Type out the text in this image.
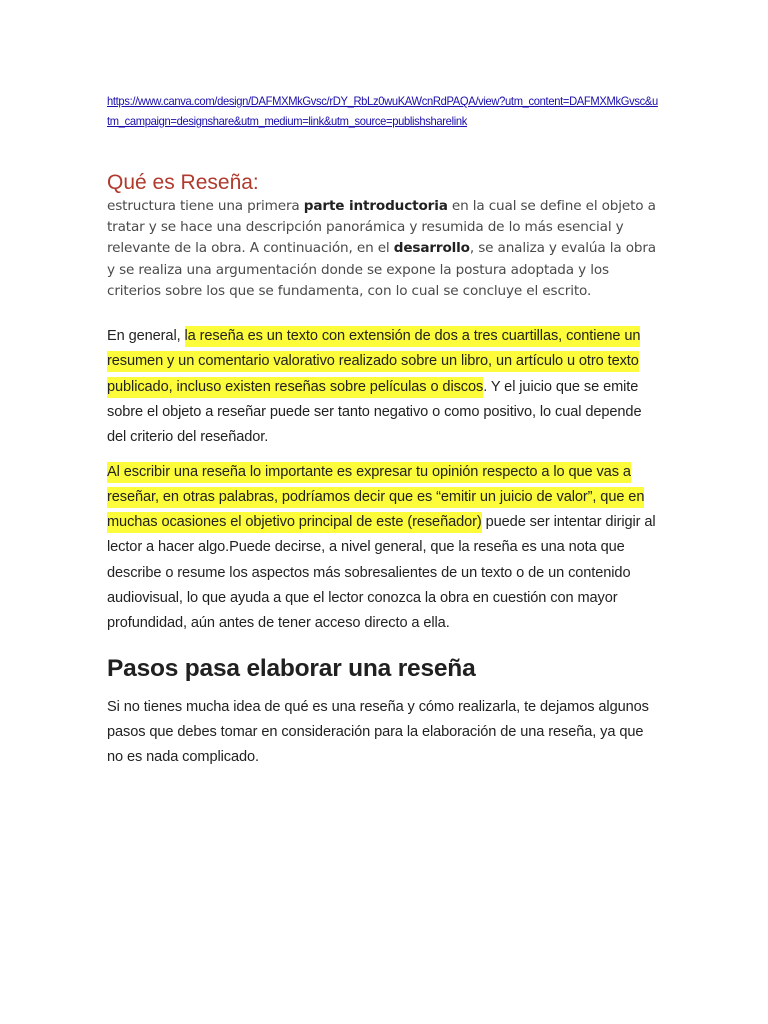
https://www.canva.com/design/DAFMXMkGvsc/rDY_RbLz0wuKAWcnRdPAQA/view?utm_content=DAFMXMkGvsc&utm_campaign=designshare&utm_medium=link&utm_source=publishsharelink
Qué es Reseña:

estructura tiene una primera parte introductoria en la cual se define el objeto a tratar y se hace una descripción panorámica y resumida de lo más esencial y relevante de la obra. A continuación, en el desarrollo, se analiza y evalúa la obra y se realiza una argumentación donde se expone la postura adoptada y los criterios sobre los que se fundamenta, con lo cual se concluye el escrito.

En general, la reseña es un texto con extensión de dos a tres cuartillas, contiene un resumen y un comentario valorativo realizado sobre un libro, un artículo u otro texto publicado, incluso existen reseñas sobre películas o discos. Y el juicio que se emite sobre el objeto a reseñar puede ser tanto negativo o como positivo, lo cual depende del criterio del reseñador.

Al escribir una reseña lo importante es expresar tu opinión respecto a lo que vas a reseñar, en otras palabras, podríamos decir que es “emitir un juicio de valor”, que en muchas ocasiones el objetivo principal de este (reseñador) puede ser intentar dirigir al lector a hacer algo.Puede decirse, a nivel general, que la reseña es una nota que describe o resume los aspectos más sobresalientes de un texto o de un contenido audiovisual, lo que ayuda a que el lector conozca la obra en cuestión con mayor profundidad, aún antes de tener acceso directo a ella.

Pasos pasa elaborar una reseña

Si no tienes mucha idea de qué es una reseña y cómo realizarla, te dejamos algunos pasos que debes tomar en consideración para la elaboración de una reseña, ya que no es nada complicado.
